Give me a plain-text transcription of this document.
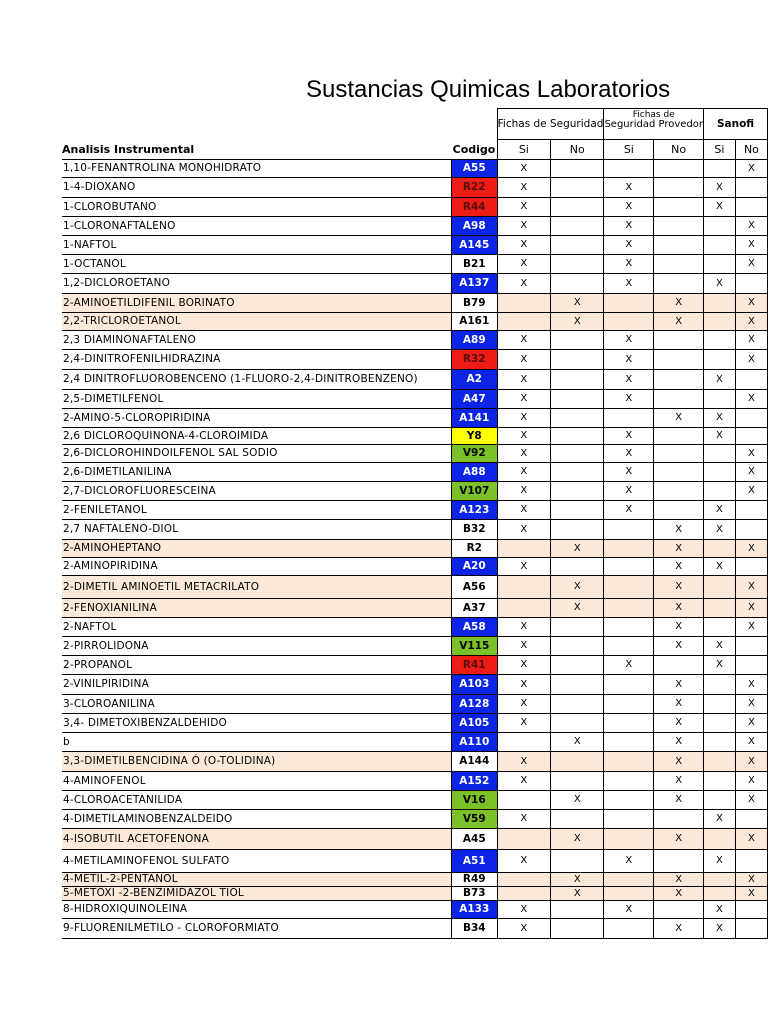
Sustancias Quimicas Laboratorios
		Fichas de Seguridad		Fichas de
Seguridad Provedor		Sanofi	
Analisis Instrumental	Codigo	Si	No	Si	No	Si	No
1,10-FENANTROLINA MONOHIDRATO	A55	X					X
1-4-DIOXANO	R22	X		X		X	
1-CLOROBUTANO	R44	X		X		X	
1-CLORONAFTALENO	A98	X		X			X
1-NAFTOL	A145	X		X			X
1-OCTANOL	B21	X		X			X
1,2-DICLOROETANO	A137	X		X		X	
2-AMINOETILDIFENIL BORINATO	B79		X		X		X
2,2-TRICLOROETANOL	A161		X		X		X
2,3 DIAMINONAFTALENO	A89	X		X			X
2,4-DINITROFENILHIDRAZINA	R32	X		X			X
2,4 DINITROFLUOROBENCENO (1-FLUORO-2,4-DINITROBENZENO)	A2	X		X		X	
2,5-DIMETILFENOL	A47	X		X			X
2-AMINO-5-CLOROPIRIDINA	A141	X			X	X	
2,6 DICLOROQUINONA-4-CLOROIMIDA	Y8	X		X		X	
2,6-DICLOROHINDOILFENOL SAL SODIO	V92	X		X			X
2,6-DIMETILANILINA	A88	X		X			X
2,7-DICLOROFLUORESCEINA	V107	X		X			X
2-FENILETANOL	A123	X		X		X	
2,7 NAFTALENO-DIOL	B32	X			X	X	
2-AMINOHEPTANO	R2		X		X		X
2-AMINOPIRIDINA	A20	X			X	X	
2-DIMETIL AMINOETIL METACRILATO	A56		X		X		X
2-FENOXIANILINA	A37		X		X		X
2-NAFTOL	A58	X			X		X
2-PIRROLIDONA	V115	X			X	X	
2-PROPANOL	R41	X		X		X	
2-VINILPIRIDINA	A103	X			X		X
3-CLOROANILINA	A128	X			X		X
3,4- DIMETOXIBENZALDEHIDO	A105	X			X		X
b	A110		X		X		X
3,3-DIMETILBENCIDINA Ó (O-TOLIDINA)	A144	X			X		X
4-AMINOFENOL	A152	X			X		X
4-CLOROACETANILIDA	V16		X		X		X
4-DIMETILAMINOBENZALDEIDO	V59	X				X	
4-ISOBUTIL ACETOFENONA	A45		X		X		X
4-METILAMINOFENOL SULFATO	A51	X		X		X	
4-METIL-2-PENTANOL	R49		X		X		X
5-METOXI -2-BENZIMIDAZOL TIOL	B73		X		X		X
8-HIDROXIQUINOLEINA	A133	X		X		X	
9-FLUORENILMETILO - CLOROFORMIATO	B34	X			X	X	
